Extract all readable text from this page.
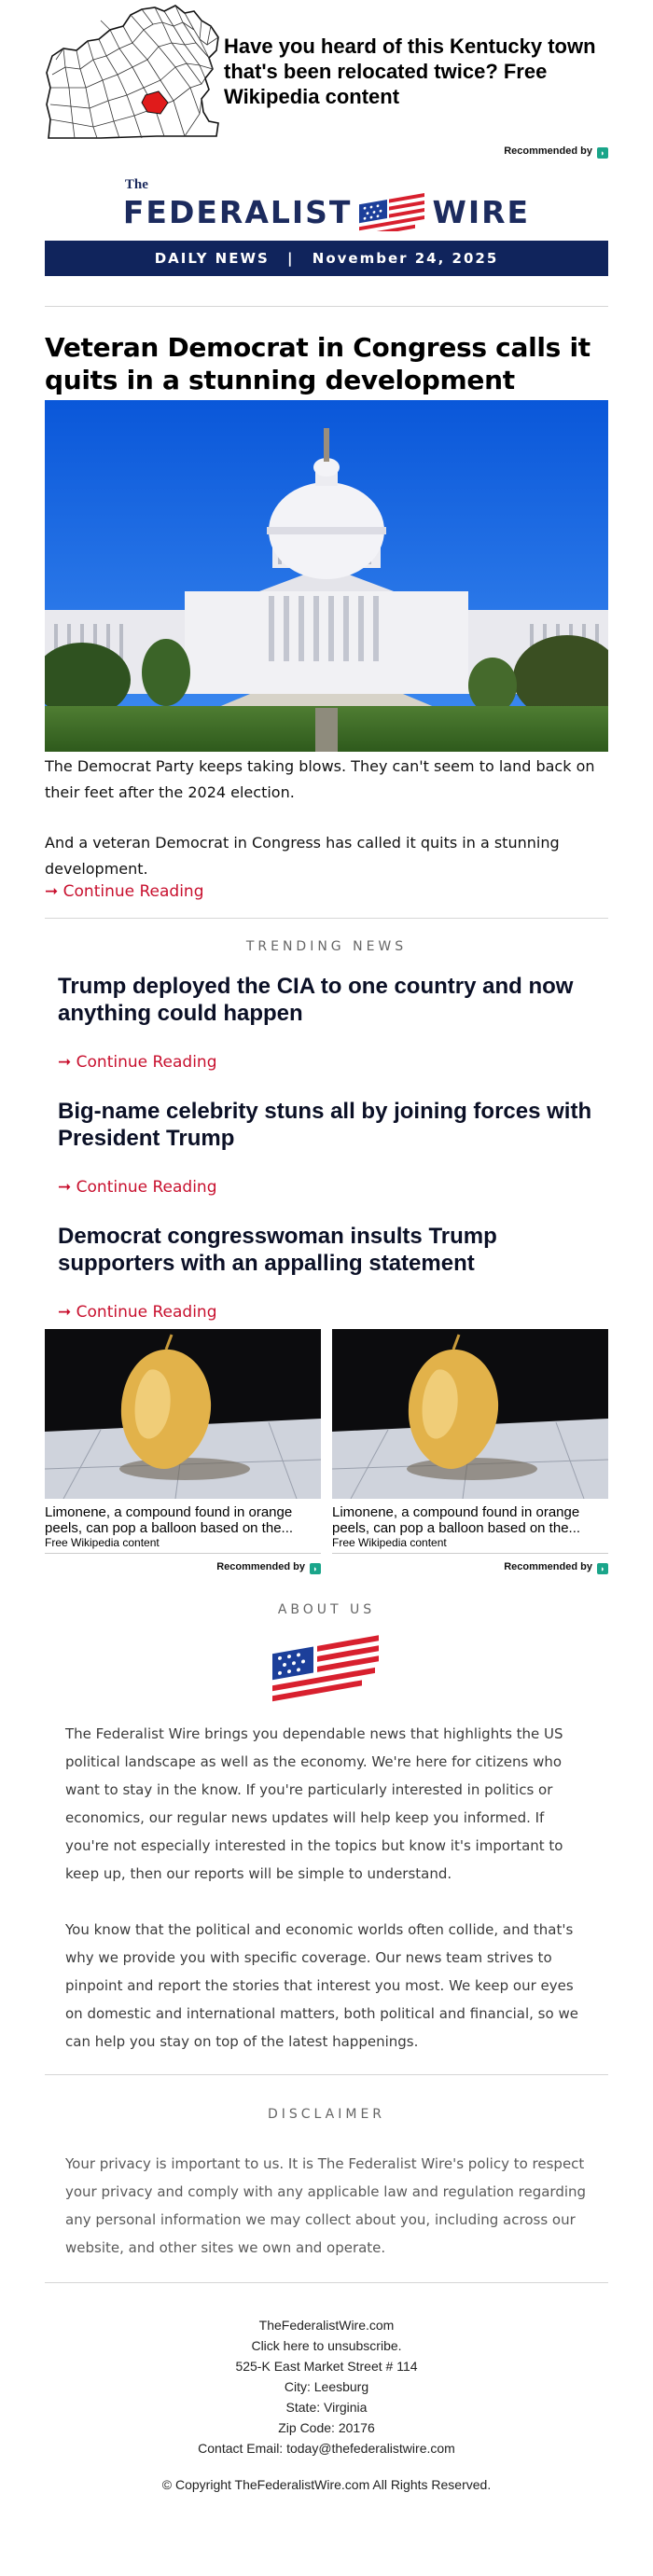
Have you heard of this Kentucky town that's been relocated twice? Free Wikipedia content
Recommended by ◗
The
FEDERALIST	WIRE
DAILY NEWS | November 24, 2025
Veteran Democrat in Congress calls it quits in a stunning development

The Democrat Party keeps taking blows. They can't seem to land back on their feet after the 2024 election.

And a veteran Democrat in Congress has called it quits in a stunning development.

➞ Continue Reading
TRENDING NEWS
Trump deployed the CIA to one country and now anything could happen
➞ Continue Reading
Big-name celebrity stuns all by joining forces with President Trump
➞ Continue Reading
Democrat congresswoman insults Trump supporters with an appalling statement
➞ Continue Reading
Limonene, a compound found in orange peels, can pop a balloon based on the...
Free Wikipedia content
Recommended by ◗
Limonene, a compound found in orange peels, can pop a balloon based on the...
Free Wikipedia content
Recommended by ◗
ABOUT US

The Federalist Wire brings you dependable news that highlights the US political landscape as well as the economy. We're here for citizens who want to stay in the know. If you're particularly interested in politics or economics, our regular news updates will help keep you informed. If you're not especially interested in the topics but know it's important to keep up, then our reports will be simple to understand.

You know that the political and economic worlds often collide, and that's why we provide you with specific coverage. Our news team strives to pinpoint and report the stories that interest you most. We keep our eyes on domestic and international matters, both political and financial, so we can help you stay on top of the latest happenings.

DISCLAIMER

Your privacy is important to us. It is The Federalist Wire's policy to respect your privacy and comply with any applicable law and regulation regarding any personal information we may collect about you, including across our website, and other sites we own and operate.

TheFederalistWire.com
Click here to unsubscribe.
525-K East Market Street # 114
City: Leesburg
State: Virginia
Zip Code: 20176
Contact Email: today@thefederalistwire.com
© Copyright TheFederalistWire.com All Rights Reserved.
